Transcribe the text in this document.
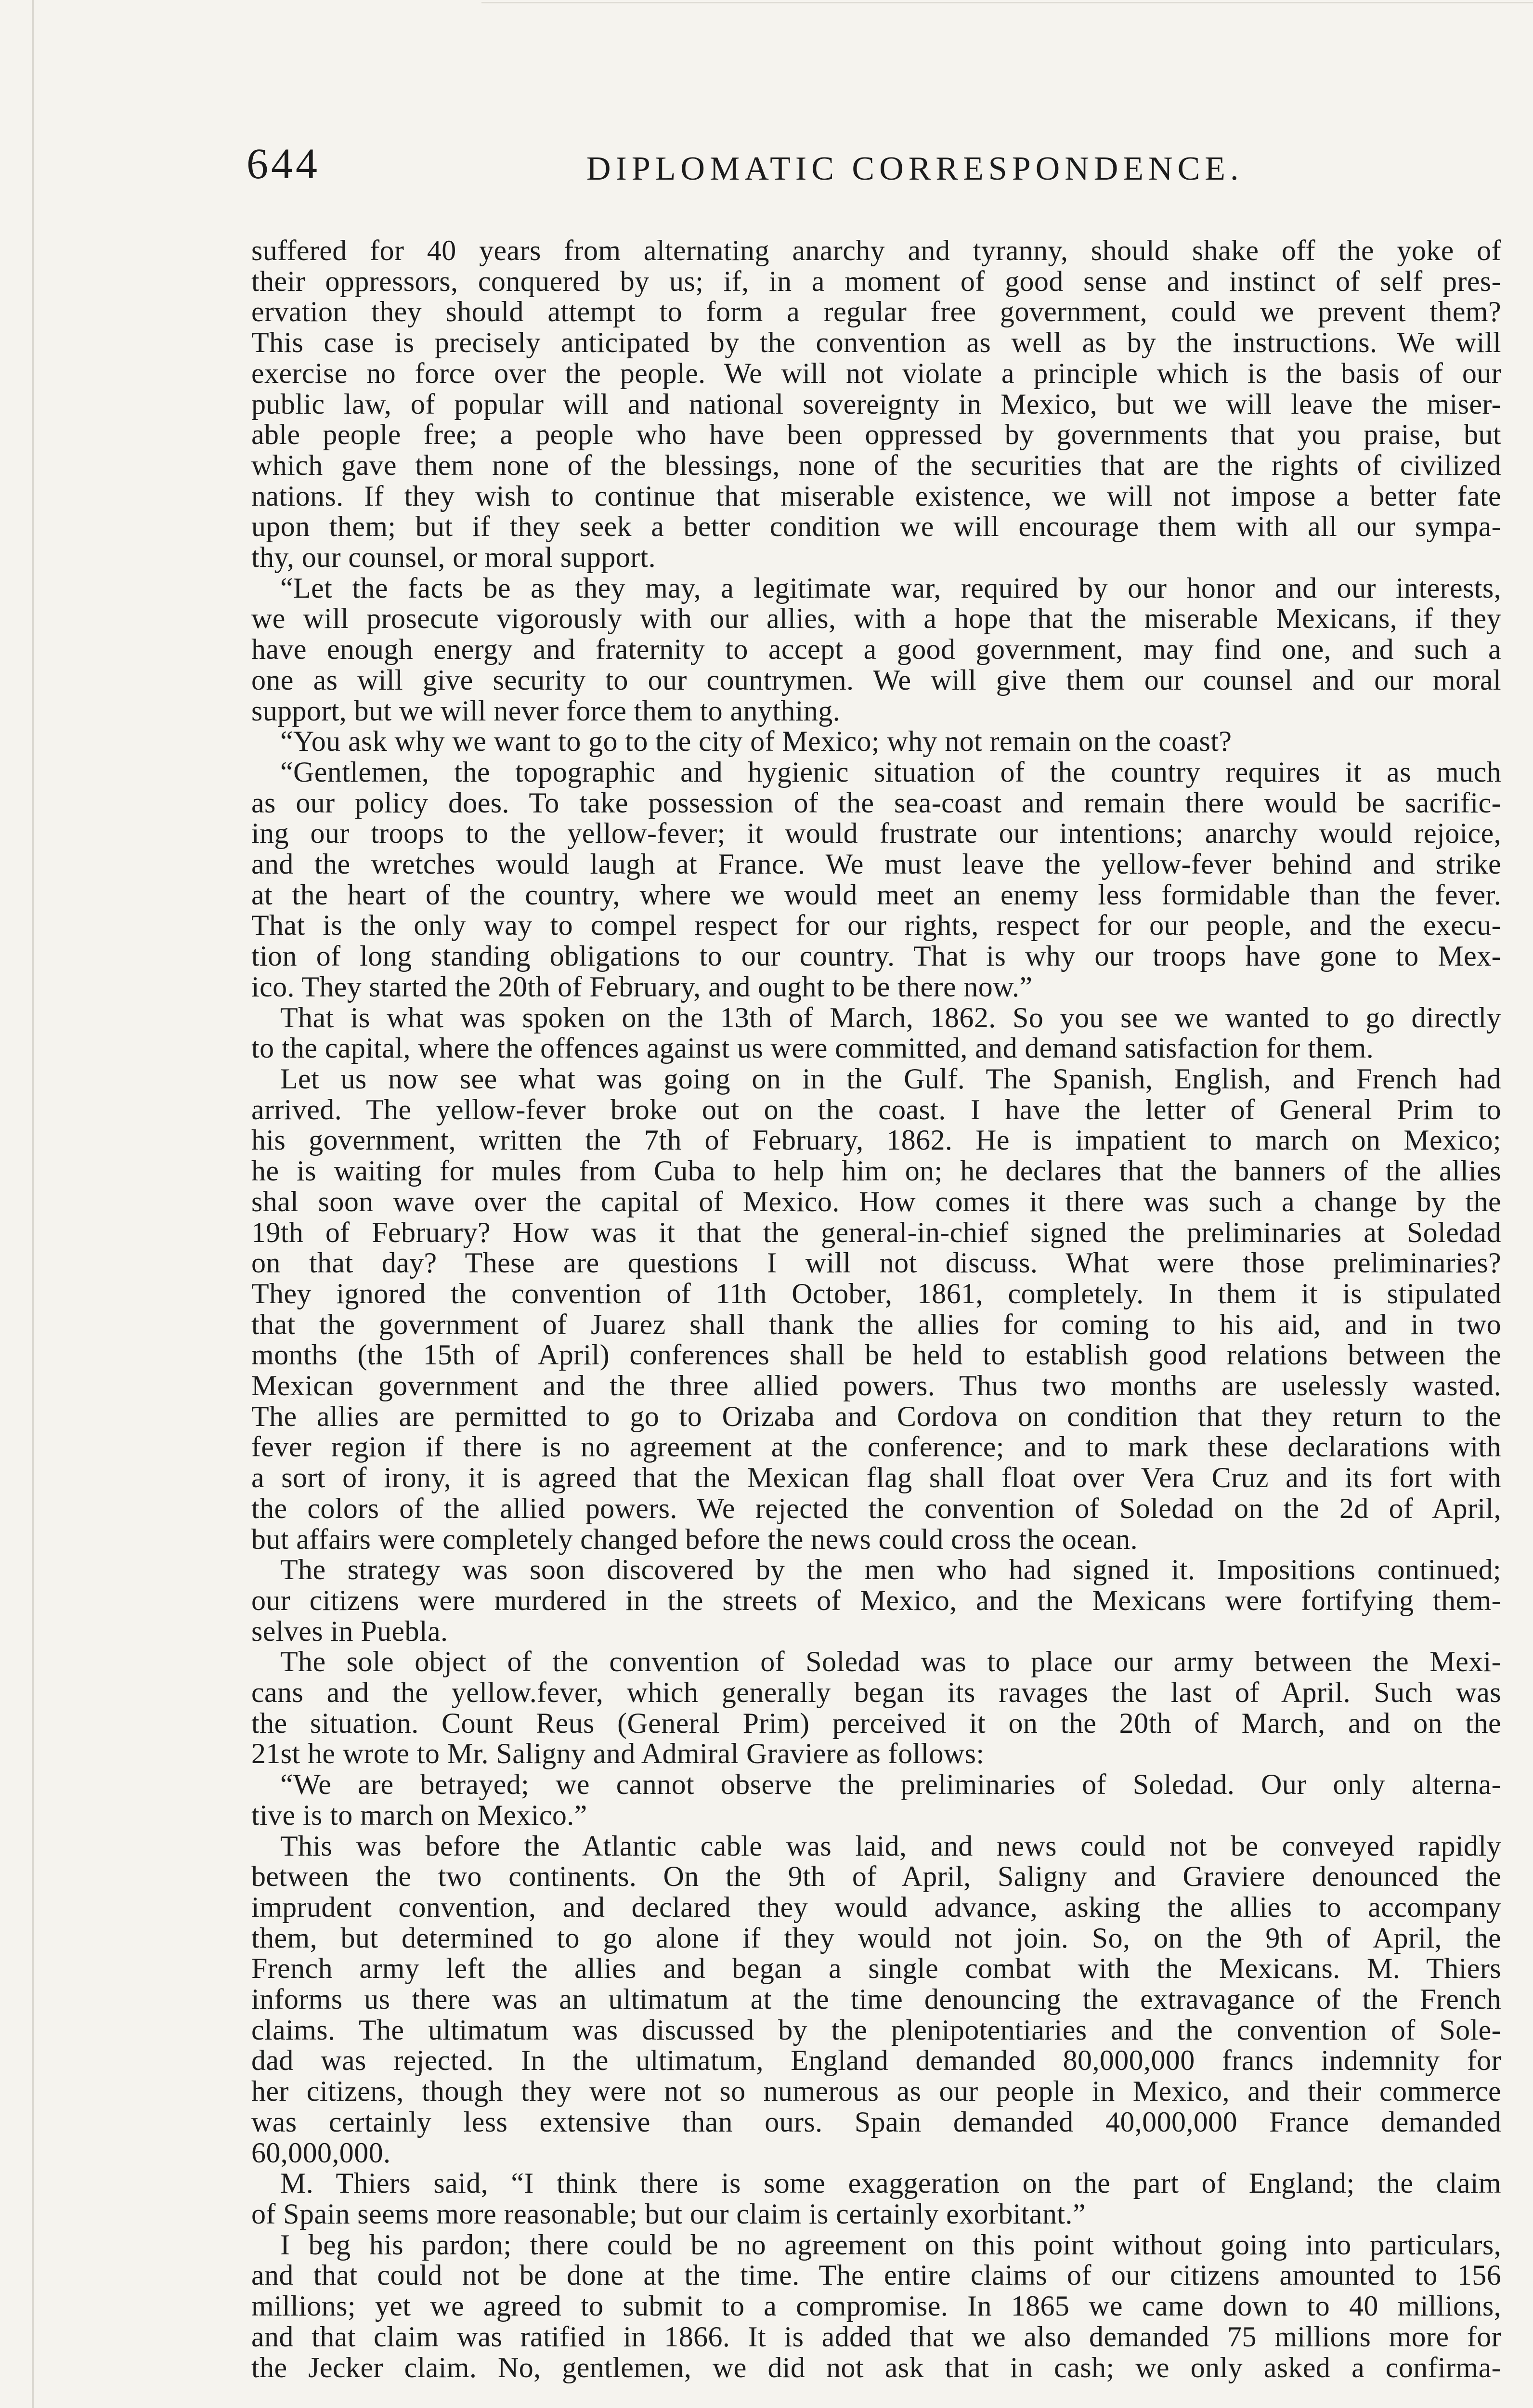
644	DIPLOMATIC CORRESPONDENCE.
suffered for 40 years from alternating anarchy and tyranny, should shake off the yoke of
their oppressors, conquered by us; if, in a moment of good sense and instinct of self pres-
ervation they should attempt to form a regular free government, could we prevent them?
This case is precisely anticipated by the convention as well as by the instructions. We will
exercise no force over the people. We will not violate a principle which is the basis of our
public law, of popular will and national sovereignty in Mexico, but we will leave the miser-
able people free; a people who have been oppressed by governments that you praise, but
which gave them none of the blessings, none of the securities that are the rights of civilized
nations. If they wish to continue that miserable existence, we will not impose a better fate
upon them; but if they seek a better condition we will encourage them with all our sympa-
thy, our counsel, or moral support.
“Let the facts be as they may, a legitimate war, required by our honor and our interests,
we will prosecute vigorously with our allies, with a hope that the miserable Mexicans, if they
have enough energy and fraternity to accept a good government, may find one, and such a
one as will give security to our countrymen. We will give them our counsel and our moral
support, but we will never force them to anything.
“You ask why we want to go to the city of Mexico; why not remain on the coast?
“Gentlemen, the topographic and hygienic situation of the country requires it as much
as our policy does. To take possession of the sea-coast and remain there would be sacrific-
ing our troops to the yellow-fever; it would frustrate our intentions; anarchy would rejoice,
and the wretches would laugh at France. We must leave the yellow-fever behind and strike
at the heart of the country, where we would meet an enemy less formidable than the fever.
That is the only way to compel respect for our rights, respect for our people, and the execu-
tion of long standing obligations to our country. That is why our troops have gone to Mex-
ico. They started the 20th of February, and ought to be there now.”
That is what was spoken on the 13th of March, 1862. So you see we wanted to go directly
to the capital, where the offences against us were committed, and demand satisfaction for them.
Let us now see what was going on in the Gulf. The Spanish, English, and French had
arrived. The yellow-fever broke out on the coast. I have the letter of General Prim to
his government, written the 7th of February, 1862. He is impatient to march on Mexico;
he is waiting for mules from Cuba to help him on; he declares that the banners of the allies
shal soon wave over the capital of Mexico. How comes it there was such a change by the
19th of February? How was it that the general-in-chief signed the preliminaries at Soledad
on that day? These are questions I will not discuss. What were those preliminaries?
They ignored the convention of 11th October, 1861, completely. In them it is stipulated
that the government of Juarez shall thank the allies for coming to his aid, and in two
months (the 15th of April) conferences shall be held to establish good relations between the
Mexican government and the three allied powers. Thus two months are uselessly wasted.
The allies are permitted to go to Orizaba and Cordova on condition that they return to the
fever region if there is no agreement at the conference; and to mark these declarations with
a sort of irony, it is agreed that the Mexican flag shall float over Vera Cruz and its fort with
the colors of the allied powers. We rejected the convention of Soledad on the 2d of April,
but affairs were completely changed before the news could cross the ocean.
The strategy was soon discovered by the men who had signed it. Impositions continued;
our citizens were murdered in the streets of Mexico, and the Mexicans were fortifying them-
selves in Puebla.
The sole object of the convention of Soledad was to place our army between the Mexi-
cans and the yellow.fever, which generally began its ravages the last of April. Such was
the situation. Count Reus (General Prim) perceived it on the 20th of March, and on the
21st he wrote to Mr. Saligny and Admiral Graviere as follows:
“We are betrayed; we cannot observe the preliminaries of Soledad. Our only alterna-
tive is to march on Mexico.”
This was before the Atlantic cable was laid, and news could not be conveyed rapidly
between the two continents. On the 9th of April, Saligny and Graviere denounced the
imprudent convention, and declared they would advance, asking the allies to accompany
them, but determined to go alone if they would not join. So, on the 9th of April, the
French army left the allies and began a single combat with the Mexicans. M. Thiers
informs us there was an ultimatum at the time denouncing the extravagance of the French
claims. The ultimatum was discussed by the plenipotentiaries and the convention of Sole-
dad was rejected. In the ultimatum, England demanded 80,000,000 francs indemnity for
her citizens, though they were not so numerous as our people in Mexico, and their commerce
was certainly less extensive than ours. Spain demanded 40,000,000 France demanded
60,000,000.
M. Thiers said, “I think there is some exaggeration on the part of England; the claim
of Spain seems more reasonable; but our claim is certainly exorbitant.”
I beg his pardon; there could be no agreement on this point without going into particulars,
and that could not be done at the time. The entire claims of our citizens amounted to 156
millions; yet we agreed to submit to a compromise. In 1865 we came down to 40 millions,
and that claim was ratified in 1866. It is added that we also demanded 75 millions more for
the Jecker claim. No, gentlemen, we did not ask that in cash; we only asked a confirma-
